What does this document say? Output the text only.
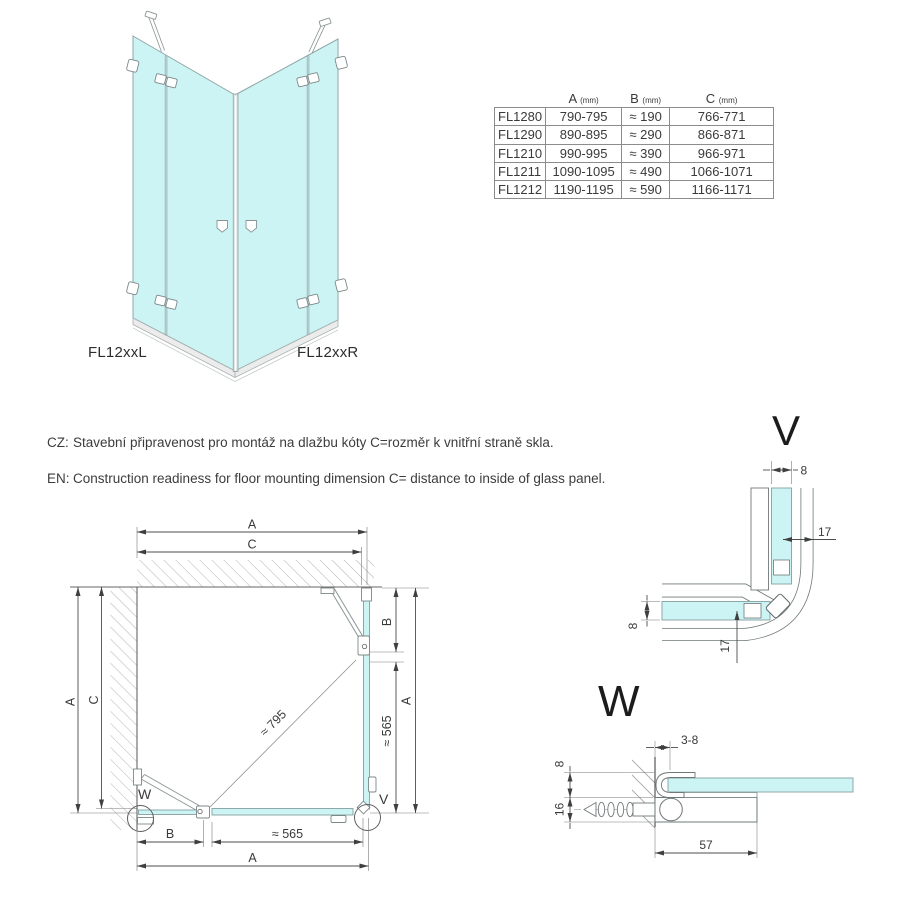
FL12xxL	FL12xxR
	A (mm)	B (mm)	C (mm)
FL1280	790-795	≈ 190	766-771
FL1290	890-895	≈ 290	866-871
FL1210	990-995	≈ 390	966-971
FL1211	1090-1095	≈ 490	1066-1071
FL1212	1190-1195	≈ 590	1166-1171
CZ: Stavební připravenost pro montáž na dlažbu kóty C=rozměr k vnitřní straně skla.
EN: Construction readiness for floor mounting dimension C= distance to inside of glass panel.
≈ 795
V
W
A
C
A C
B
≈ 565
A
B	≈ 565
A
V
8
17
8
17
W
3-8
8
16
57
